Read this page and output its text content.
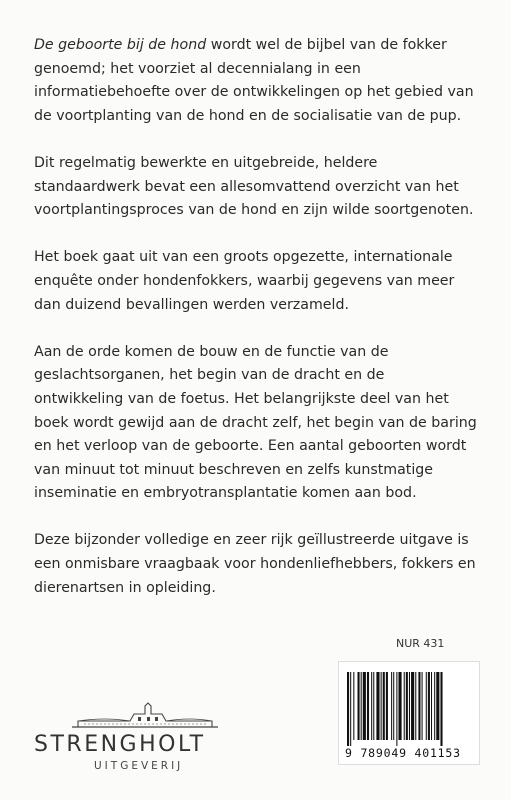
De geboorte bij de hond wordt wel de bijbel van de fokker genoemd; het voorziet al decennialang in een informatiebehoefte over de ontwikkelingen op het gebied van de voortplanting van de hond en de socialisatie van de pup.

Dit regelmatig bewerkte en uitgebreide, heldere standaardwerk bevat een allesomvattend overzicht van het voortplantingsproces van de hond en zijn wilde soortgenoten.

Het boek gaat uit van een groots opgezette, internationale enquête onder hondenfokkers, waarbij gegevens van meer dan duizend bevallingen werden verzameld.

Aan de orde komen de bouw en de functie van de geslachtsorganen, het begin van de dracht en de ontwikkeling van de foetus. Het belangrijkste deel van het boek wordt gewijd aan de dracht zelf, het begin van de baring en het verloop van de geboorte. Een aantal geboorten wordt van minuut tot minuut beschreven en zelfs kunstmatige inseminatie en embryotransplantatie komen aan bod.

Deze bijzonder volledige en zeer rijk geïllustreerde uitgave is een onmisbare vraagbaak voor hondenliefhebbers, fokkers en dierenartsen in opleiding.

NUR 431
9 789049 401153
STRENGHOLT
UITGEVERIJ
